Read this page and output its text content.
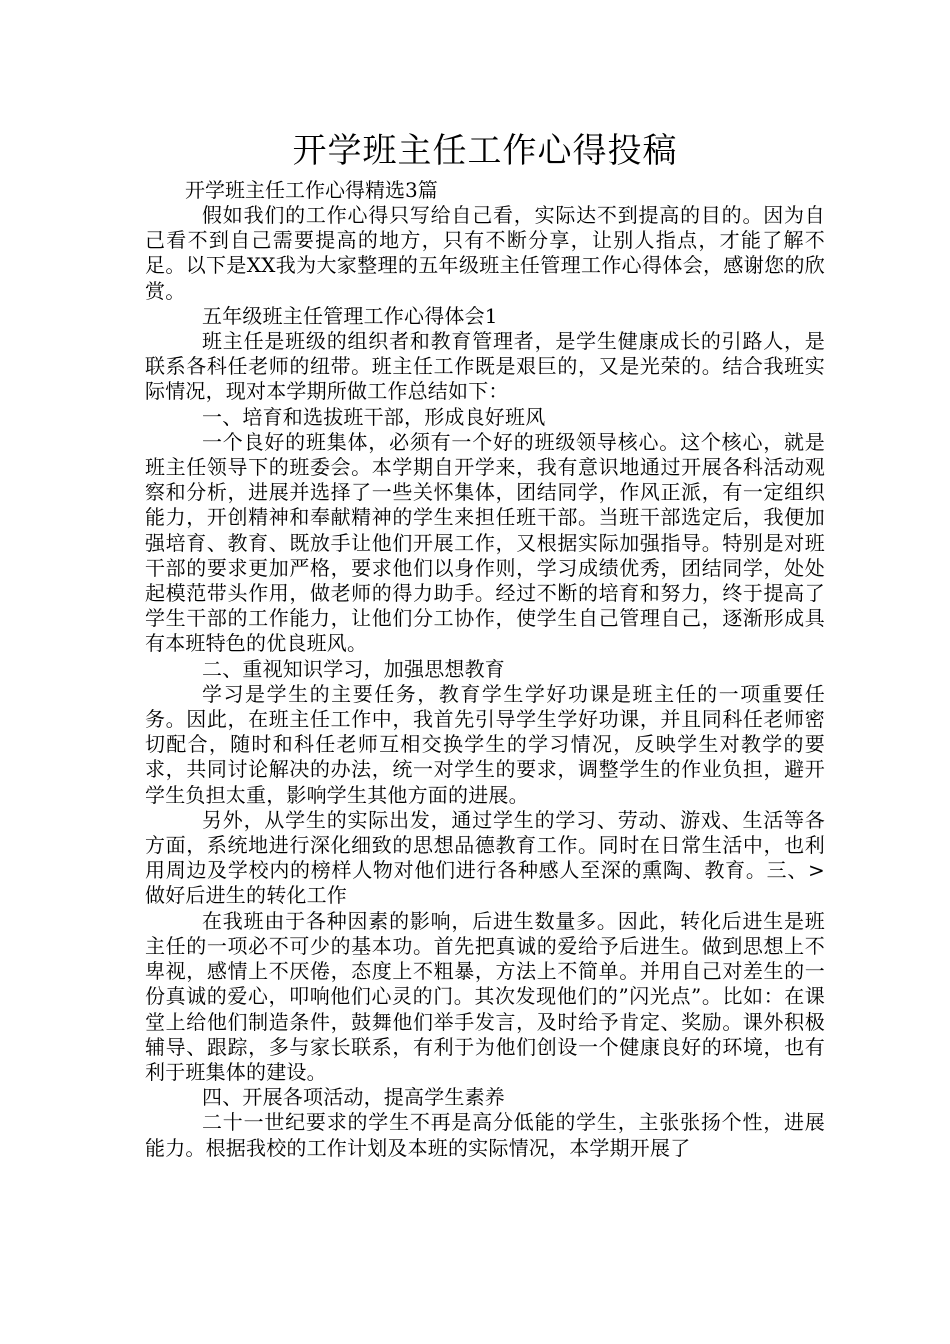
开学班主任工作心得投稿

开学班主任工作心得精选3篇

假如我们的工作心得只写给自己看，实际达不到提高的目的。因为自己看不到自己需要提高的地方，只有不断分享，让别人指点，才能了解不足。以下是XX我为大家整理的五年级班主任管理工作心得体会，感谢您的欣赏。

五年级班主任管理工作心得体会1

班主任是班级的组织者和教育管理者，是学生健康成长的引路人，是联系各科任老师的纽带。班主任工作既是艰巨的，又是光荣的。结合我班实际情况，现对本学期所做工作总结如下：

一、培育和选拔班干部，形成良好班风

一个良好的班集体，必须有一个好的班级领导核心。这个核心，就是班主任领导下的班委会。本学期自开学来，我有意识地通过开展各科活动观察和分析，进展并选择了一些关怀集体，团结同学，作风正派，有一定组织能力，开创精神和奉献精神的学生来担任班干部。当班干部选定后，我便加强培育、教育、既放手让他们开展工作，又根据实际加强指导。特别是对班干部的要求更加严格，要求他们以身作则，学习成绩优秀，团结同学，处处起模范带头作用，做老师的得力助手。经过不断的培育和努力，终于提高了学生干部的工作能力，让他们分工协作，使学生自己管理自己，逐渐形成具有本班特色的优良班风。

二、重视知识学习，加强思想教育

学习是学生的主要任务，教育学生学好功课是班主任的一项重要任务。因此，在班主任工作中，我首先引导学生学好功课，并且同科任老师密切配合，随时和科任老师互相交换学生的学习情况，反映学生对教学的要求，共同讨论解决的办法，统一对学生的要求，调整学生的作业负担，避开学生负担太重，影响学生其他方面的进展。

另外，从学生的实际出发，通过学生的学习、劳动、游戏、生活等各方面，系统地进行深化细致的思想品德教育工作。同时在日常生活中，也利用周边及学校内的榜样人物对他们进行各种感人至深的熏陶、教育。三、>做好后进生的转化工作

在我班由于各种因素的影响，后进生数量多。因此，转化后进生是班主任的一项必不可少的基本功。首先把真诚的爱给予后进生。做到思想上不卑视，感情上不厌倦，态度上不粗暴，方法上不简单。并用自己对差生的一份真诚的爱心，叩响他们心灵的门。其次发现他们的”闪光点”。比如：在课堂上给他们制造条件，鼓舞他们举手发言，及时给予肯定、奖励。课外积极辅导、跟踪，多与家长联系，有利于为他们创设一个健康良好的环境，也有利于班集体的建设。

四、开展各项活动，提高学生素养

二十一世纪要求的学生不再是高分低能的学生，主张张扬个性，进展能力。根据我校的工作计划及本班的实际情况，本学期开展了
